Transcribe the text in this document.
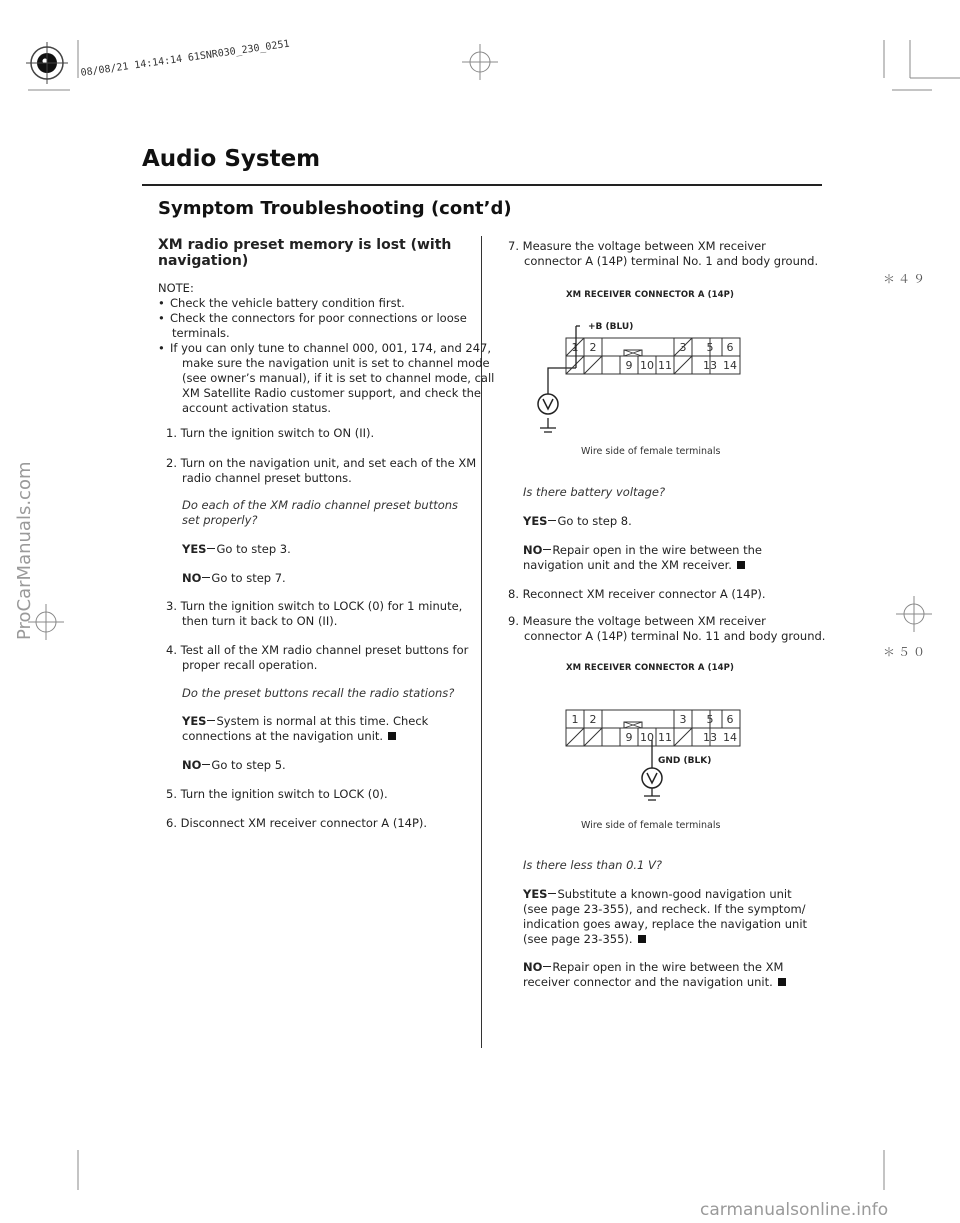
08/08/21 14:14:14 61SNR030_230_0251
ProCarManuals.com
carmanualsonline.info
＊４９
＊５０
Audio System
Symptom Troubleshooting (cont’d)
XM radio preset memory is lost (with
navigation)
NOTE:
• Check the vehicle battery condition first.
• Check the connectors for poor connections or loose
terminals.
• If you can only tune to channel 000, 001, 174, and 247,
make sure the navigation unit is set to channel mode
(see owner’s manual), if it is set to channel mode, call
XM Satellite Radio customer support, and check the
account activation status.
1. Turn the ignition switch to ON (II).
2. Turn on the navigation unit, and set each of the XM
radio channel preset buttons.
Do each of the XM radio channel preset buttons
set properly?
YES Go to step 3.
NO Go to step 7.
3. Turn the ignition switch to LOCK (0) for 1 minute,
then turn it back to ON (II).
4. Test all of the XM radio channel preset buttons for
proper recall operation.
Do the preset buttons recall the radio stations?
YES System is normal at this time. Check
connections at the navigation unit.
NO Go to step 5.
5. Turn the ignition switch to LOCK (0).
6. Disconnect XM receiver connector A (14P).
7. Measure the voltage between XM receiver
connector A (14P) terminal No. 1 and body ground.
XM RECEIVER CONNECTOR A (14P)
+B (BLU)
1 2	3 5 6
9 10 11	13 14
Wire side of female terminals
Is there battery voltage?
YES Go to step 8.
NO Repair open in the wire between the
navigation unit and the XM receiver.
8. Reconnect XM receiver connector A (14P).
9. Measure the voltage between XM receiver
connector A (14P) terminal No. 11 and body ground.
XM RECEIVER CONNECTOR A (14P)
GND (BLK)
1 2	3 5 6
9 10 11	13 14
Wire side of female terminals
Is there less than 0.1 V?
YES Substitute a known-good navigation unit
(see page 23-355), and recheck. If the symptom/
indication goes away, replace the navigation unit
(see page 23-355).
NO Repair open in the wire between the XM
receiver connector and the navigation unit.
